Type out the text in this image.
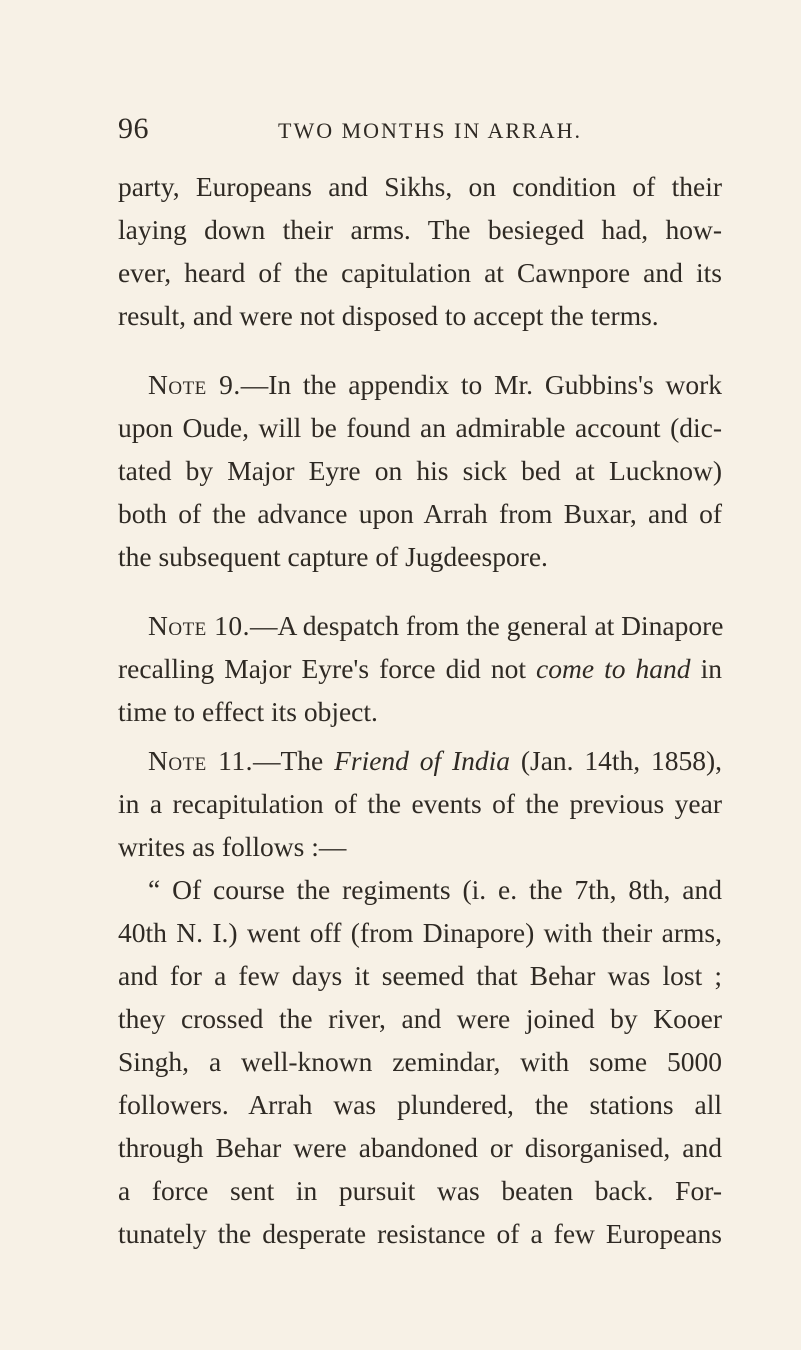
96	TWO MONTHS IN ARRAH.

party, Europeans and Sikhs, on condition of their
laying down their arms. The besieged had, how-
ever, heard of the capitulation at Cawnpore and its
result, and were not disposed to accept the terms.

Note 9.—In the appendix to Mr. Gubbins's work
upon Oude, will be found an admirable account (dic-
tated by Major Eyre on his sick bed at Lucknow)
both of the advance upon Arrah from Buxar, and of
the subsequent capture of Jugdeespore.

Note 10.—A despatch from the general at Dinapore
recalling Major Eyre's force did not come to hand in
time to effect its object.

Note 11.—The Friend of India (Jan. 14th, 1858),
in a recapitulation of the events of the previous year
writes as follows :—

“ Of course the regiments (i. e. the 7th, 8th, and
40th N. I.) went off (from Dinapore) with their arms,
and for a few days it seemed that Behar was lost ;
they crossed the river, and were joined by Kooer
Singh, a well-known zemindar, with some 5000
followers. Arrah was plundered, the stations all
through Behar were abandoned or disorganised, and
a force sent in pursuit was beaten back. For-
tunately the desperate resistance of a few Europeans
